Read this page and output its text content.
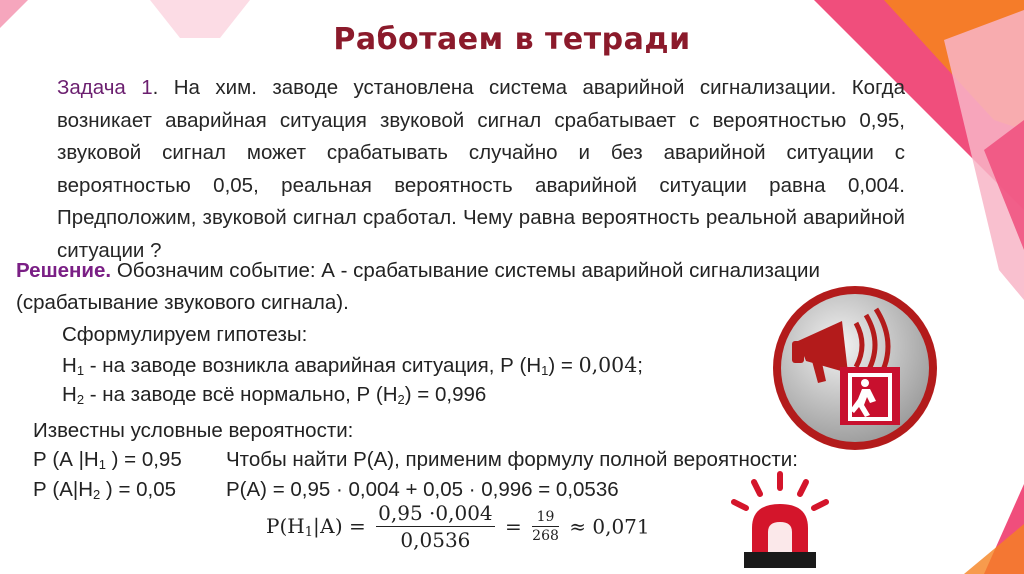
Работаем в тетради
Задача 1. На хим. заводе установлена система аварийной сигнализации. Когда возникает аварийная ситуация звуковой сигнал срабатывает с вероятностью 0,95, звуковой сигнал может срабатывать случайно и без аварийной ситуации с вероятностью 0,05, реальная вероятность аварийной ситуации равна 0,004. Предположим, звуковой сигнал сработал. Чему равна вероятность реальной аварийной ситуации ?
Решение. Обозначим событие: А - срабатывание системы аварийной сигнализации
(срабатывание звукового сигнала).
Сформулируем гипотезы:
$Н_1$ - на заводе возникла аварийная ситуация, Р $(Н_1) = 0,004$;
$Н_2$ - на заводе всё нормально, Р $(Н_2) = 0,996$
Известны условные вероятности:
Р (А $|Н_1$ ) = 0,95
Р ($А|Н_2$ ) = 0,05
Чтобы найти Р(А), применим формулу полной вероятности:
Р(А) = 0,95 · 0,004 + 0,05 · 0,996 = 0,0536
$P(H_1|А) = \frac{0,95 \cdot 0,004}{0,0536} = \frac{19}{268} \approx 0,071$
